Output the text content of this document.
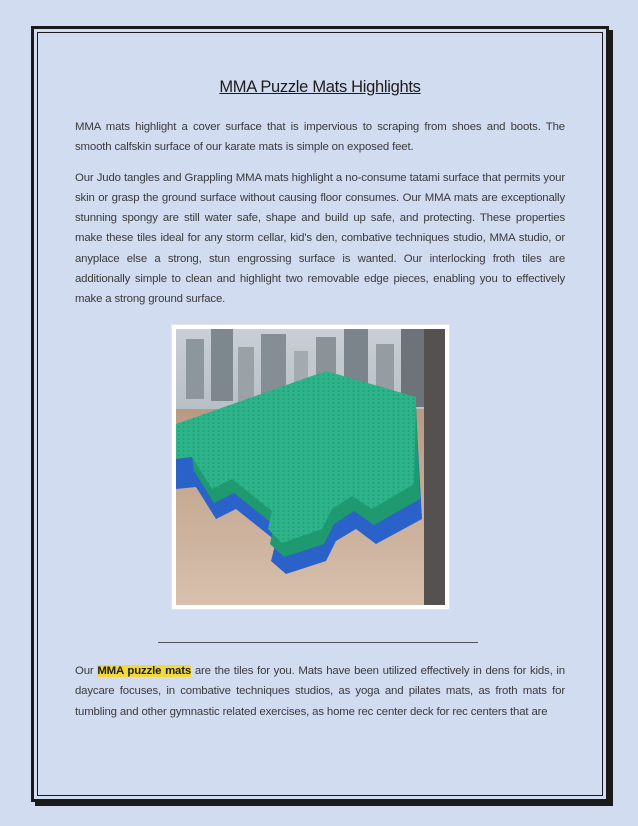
MMA Puzzle Mats Highlights

MMA mats highlight a cover surface that is impervious to scraping from shoes and boots. The smooth calfskin surface of our karate mats is simple on exposed feet.

Our Judo tangles and Grappling MMA mats highlight a no-consume tatami surface that permits your skin or grasp the ground surface without causing floor consumes. Our MMA mats are exceptionally stunning spongy are still water safe, shape and build up safe, and protecting. These properties make these tiles ideal for any storm cellar, kid's den, combative techniques studio, MMA studio, or anyplace else a strong, stun engrossing surface is wanted. Our interlocking froth tiles are additionally simple to clean and highlight two removable edge pieces, enabling you to effectively make a strong ground surface.

Our MMA puzzle mats are the tiles for you. Mats have been utilized effectively in dens for kids, in daycare focuses, in combative techniques studios, as yoga and pilates mats, as froth mats for tumbling and other gymnastic related exercises, as home rec center deck for rec centers that are
